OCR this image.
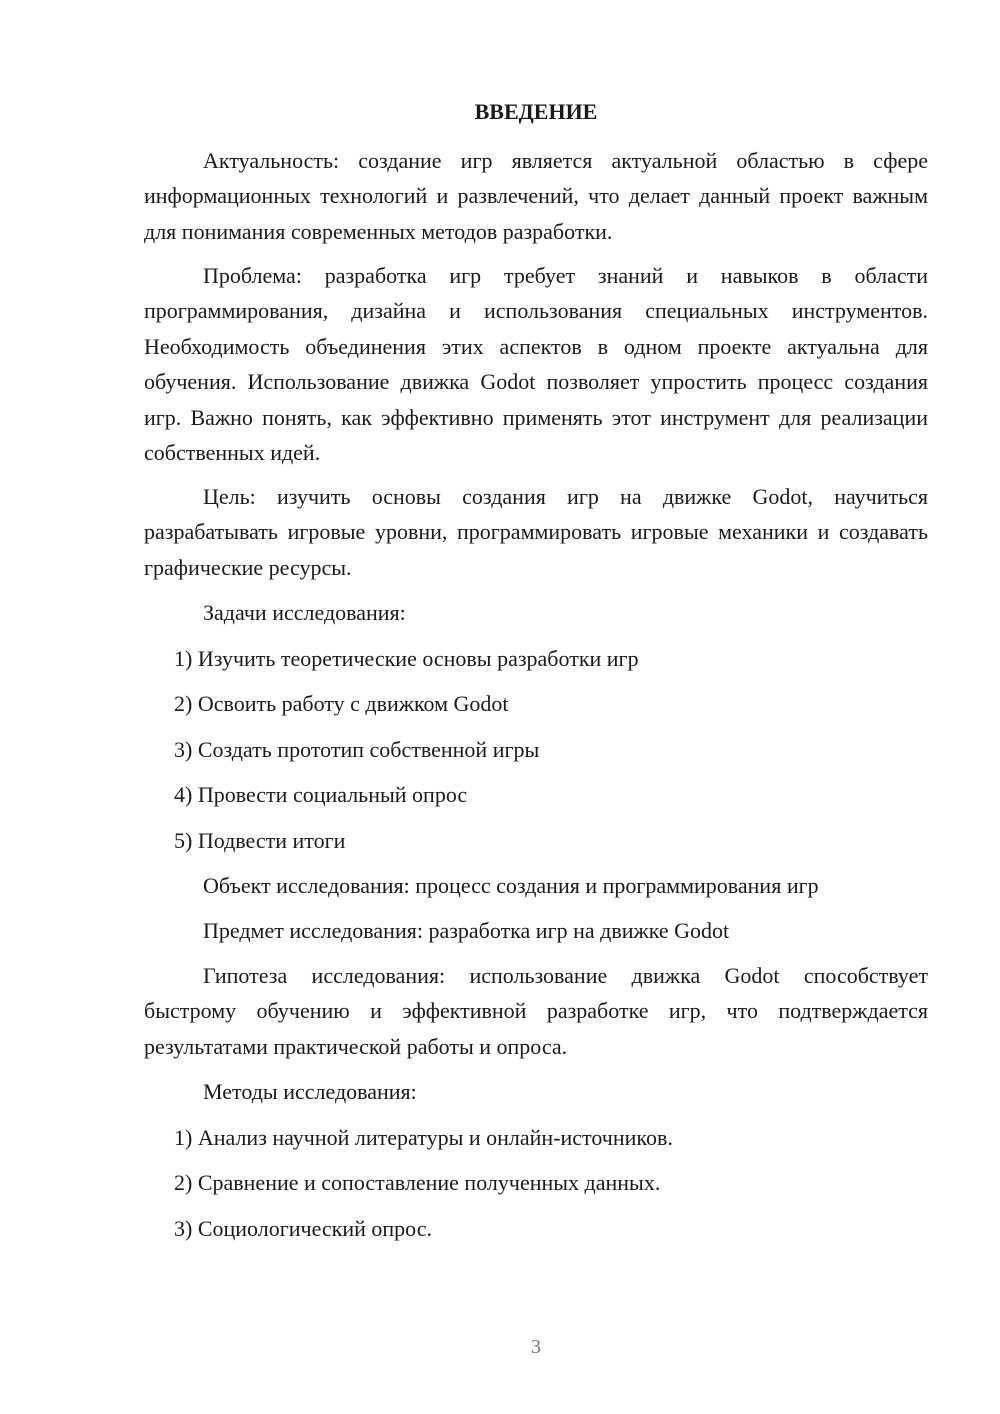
ВВЕДЕНИЕ

Актуальность: создание игр является актуальной областью в сфере информационных технологий и развлечений, что делает данный проект важным для понимания современных методов разработки.

Проблема: разработка игр требует знаний и навыков в области программирования, дизайна и использования специальных инструментов. Необходимость объединения этих аспектов в одном проекте актуальна для обучения. Использование движка Godot позволяет упростить процесс создания игр. Важно понять, как эффективно применять этот инструмент для реализации собственных идей.

Цель: изучить основы создания игр на движке Godot, научиться разрабатывать игровые уровни, программировать игровые механики и создавать графические ресурсы.

Задачи исследования:

1) Изучить теоретические основы разработки игр

2) Освоить работу с движком Godot

3) Создать прототип собственной игры

4) Провести социальный опрос

5) Подвести итоги

Объект исследования: процесс создания и программирования игр

Предмет исследования: разработка игр на движке Godot

Гипотеза исследования: использование движка Godot способствует быстрому обучению и эффективной разработке игр, что подтверждается результатами практической работы и опроса.

Методы исследования:

1) Анализ научной литературы и онлайн-источников.

2) Сравнение и сопоставление полученных данных.

3) Социологический опрос.

3
